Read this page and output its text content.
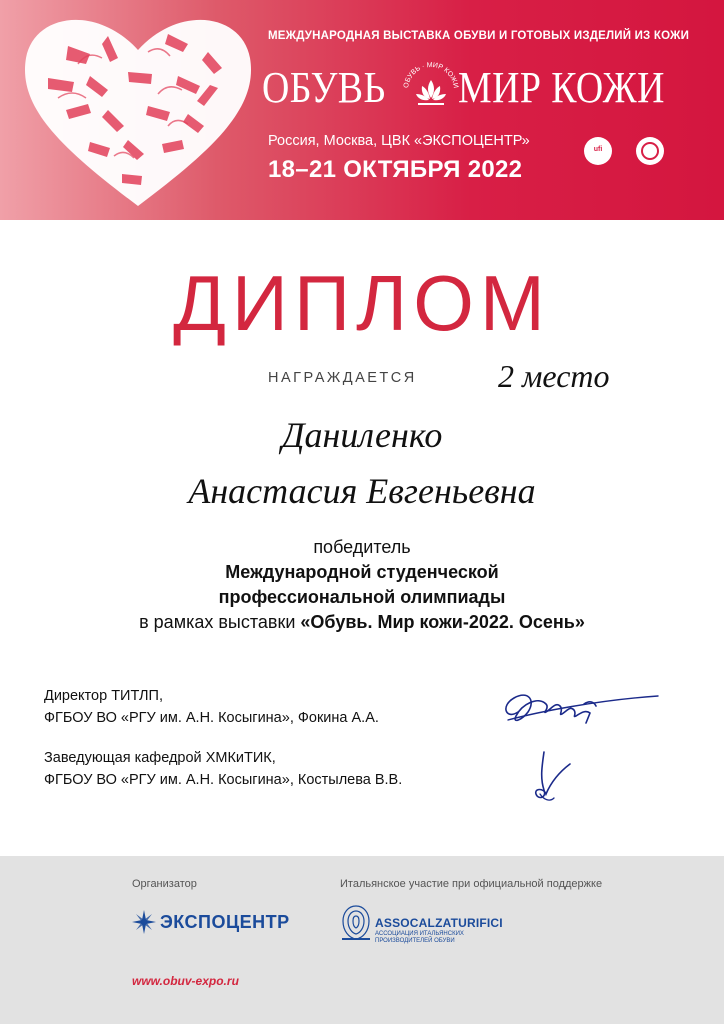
МЕЖДУНАРОДНАЯ ВЫСТАВКА ОБУВИ И ГОТОВЫХ ИЗДЕЛИЙ ИЗ КОЖИ
ОБУВЬ ОБУВЬ · МИР КОЖИ МИР КОЖИ
Россия, Москва, ЦВК «ЭКСПОЦЕНТР»
ufi
18–21 ОКТЯБРЯ 2022
ДИПЛОМ
НАГРАЖДАЕТСЯ	2 место
Даниленко
Анастасия Евгеньевна
победитель
Международной студенческой
профессиональной олимпиады
в рамках выставки «Обувь. Мир кожи-2022. Осень»
Директор ТИТЛП,
ФГБОУ ВО «РГУ им. А.Н. Косыгина», Фокина А.А.
Заведующая кафедрой ХМКиТИК,
ФГБОУ ВО «РГУ им. А.Н. Косыгина», Костылева В.В.
Организатор	Итальянское участие при официальной поддержке
ЭКСПОЦЕНТР	ASSOCALZATURIFICI
АССОЦИАЦИЯ ИТАЛЬЯНСКИХ ПРОИЗВОДИТЕЛЕЙ ОБУВИ
www.obuv-expo.ru
